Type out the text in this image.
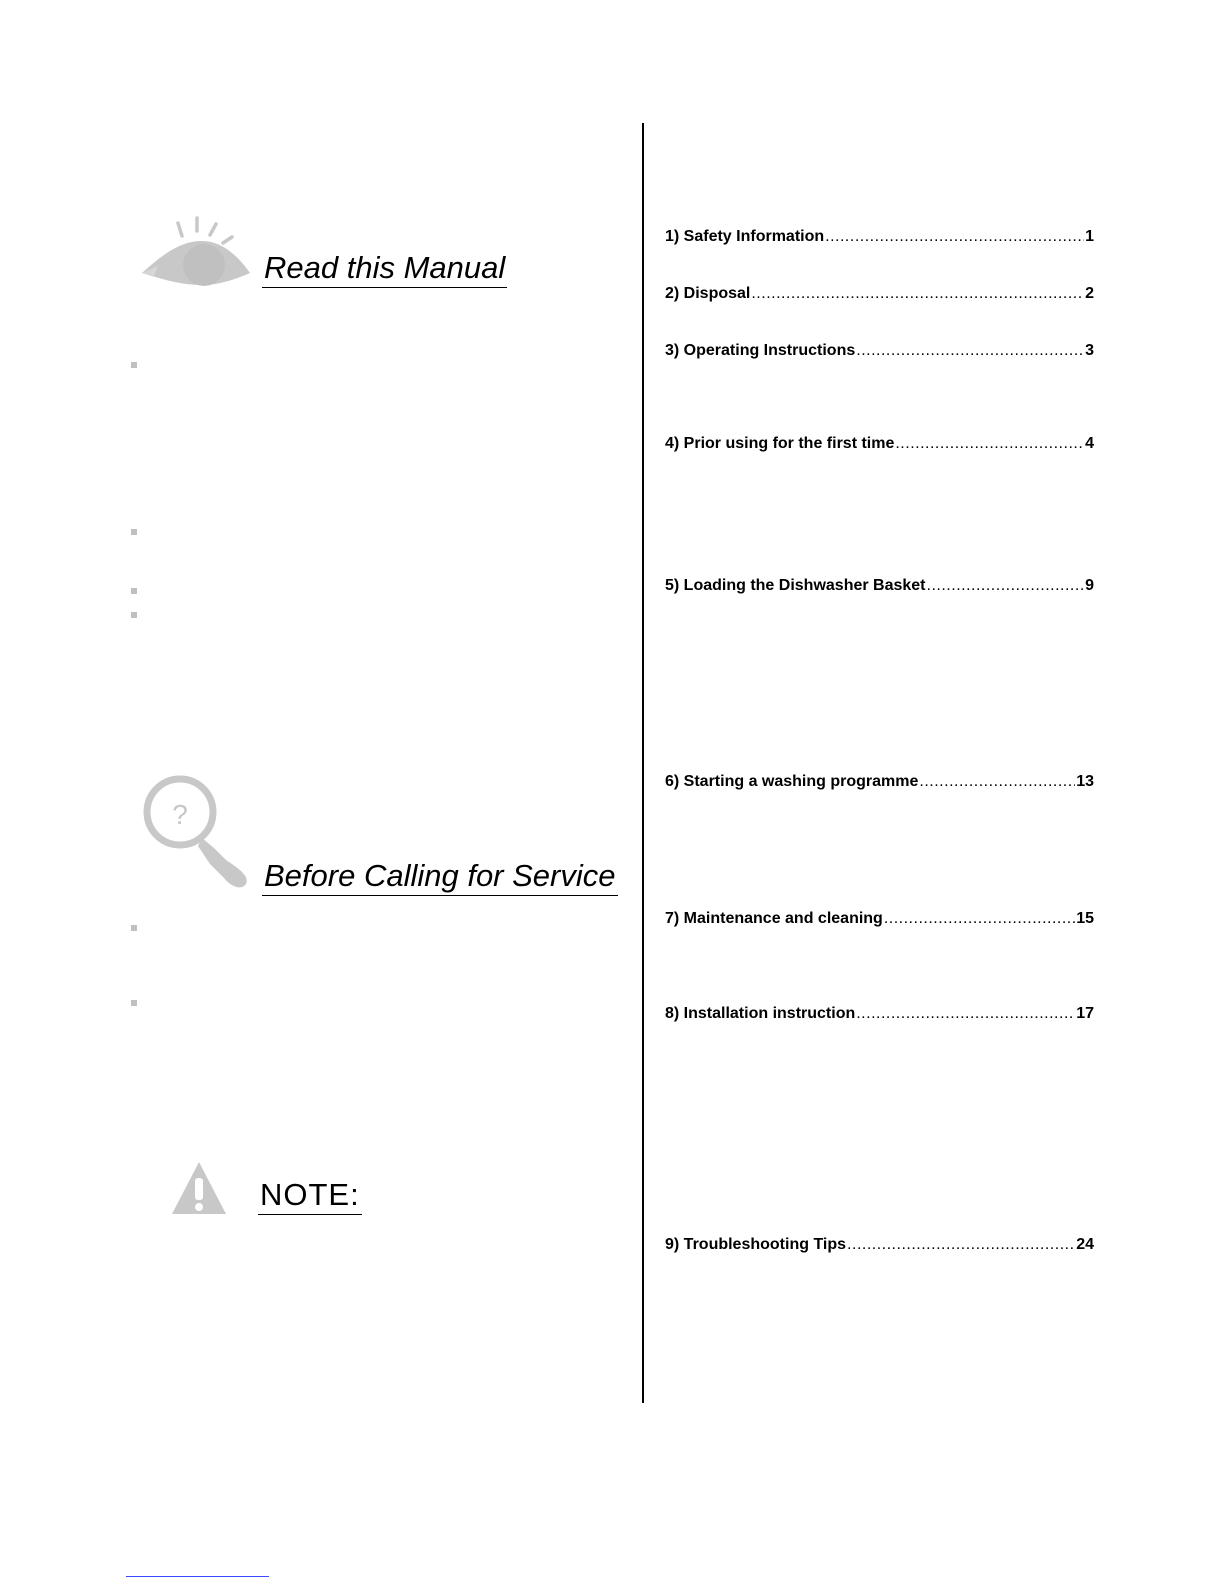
Read this Manual
?
Before Calling for Service
NOTE:
1) Safety Information .....	1
2) Disposal .....	2
3) Operating Instructions .....	3
4) Prior using for the first time .....	4
5) Loading the Dishwasher Basket .....	9
6) Starting a washing programme .....	13
7) Maintenance and cleaning .....	15
8) Installation instruction .....	17
9) Troubleshooting Tips .....	24
